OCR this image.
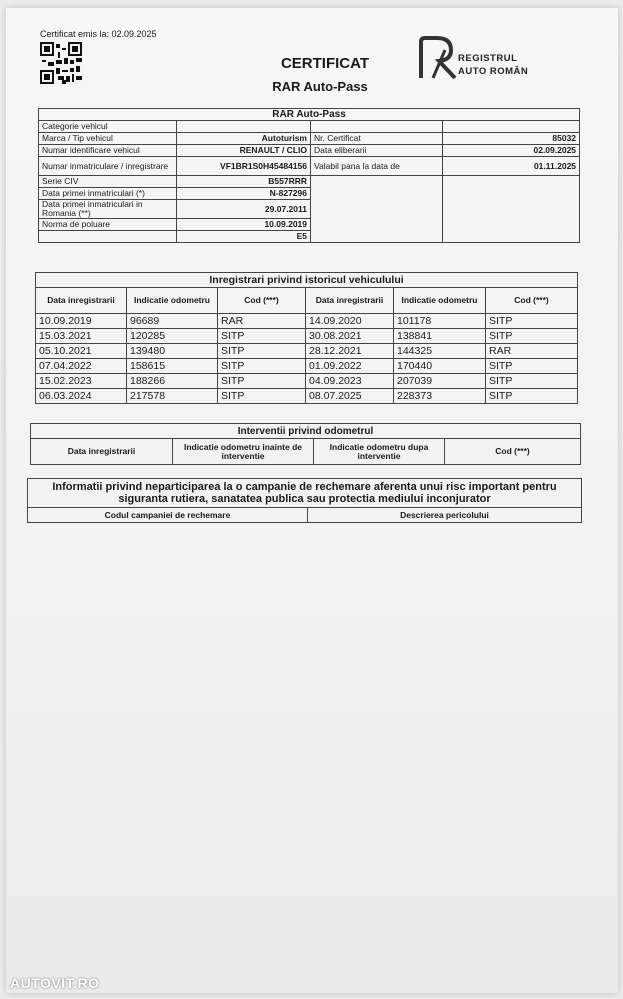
Certificat emis la: 02.09.2025
CERTIFICAT
RAR Auto-Pass
REGISTRUL
AUTO ROMÂN
RAR Auto-Pass			
Categorie vehicul			
Marca / Tip vehicul	Autoturism	Nr. Certificat	85032
Numar identificare vehicul	RENAULT / CLIO	Data eliberarii	02.09.2025
Numar inmatriculare / inregistrare	VF1BR1S0H45484156	Valabil pana la data de	01.11.2025
Serie CIV	B557RRR		
Data primei inmatriculari (*)	N-827296		
Data primei inmatriculari in Romania (**)	29.07.2011		
Norma de poluare	10.09.2019		
	E5		
Inregistrari privind istoricul vehiculului					
Data inregistrarii	Indicatie odometru	Cod (***)	Data inregistrarii	Indicatie odometru	Cod (***)
10.09.2019	96689	RAR	14.09.2020	101178	SITP
15.03.2021	120285	SITP	30.08.2021	138841	SITP
05.10.2021	139480	SITP	28.12.2021	144325	RAR
07.04.2022	158615	SITP	01.09.2022	170440	SITP
15.02.2023	188266	SITP	04.09.2023	207039	SITP
06.03.2024	217578	SITP	08.07.2025	228373	SITP
Interventii privind odometrul
Data inregistrarii	Indicatie odometru inainte de interventie	Indicatie odometru dupa interventie	Cod (***)
Informatii privind neparticiparea la o campanie de rechemare aferenta unui risc important pentru siguranta rutiera, sanatatea publica sau protectia mediului inconjurator
Codul campaniei de rechemare	Descrierea pericolului
AUTOVIT.RO
